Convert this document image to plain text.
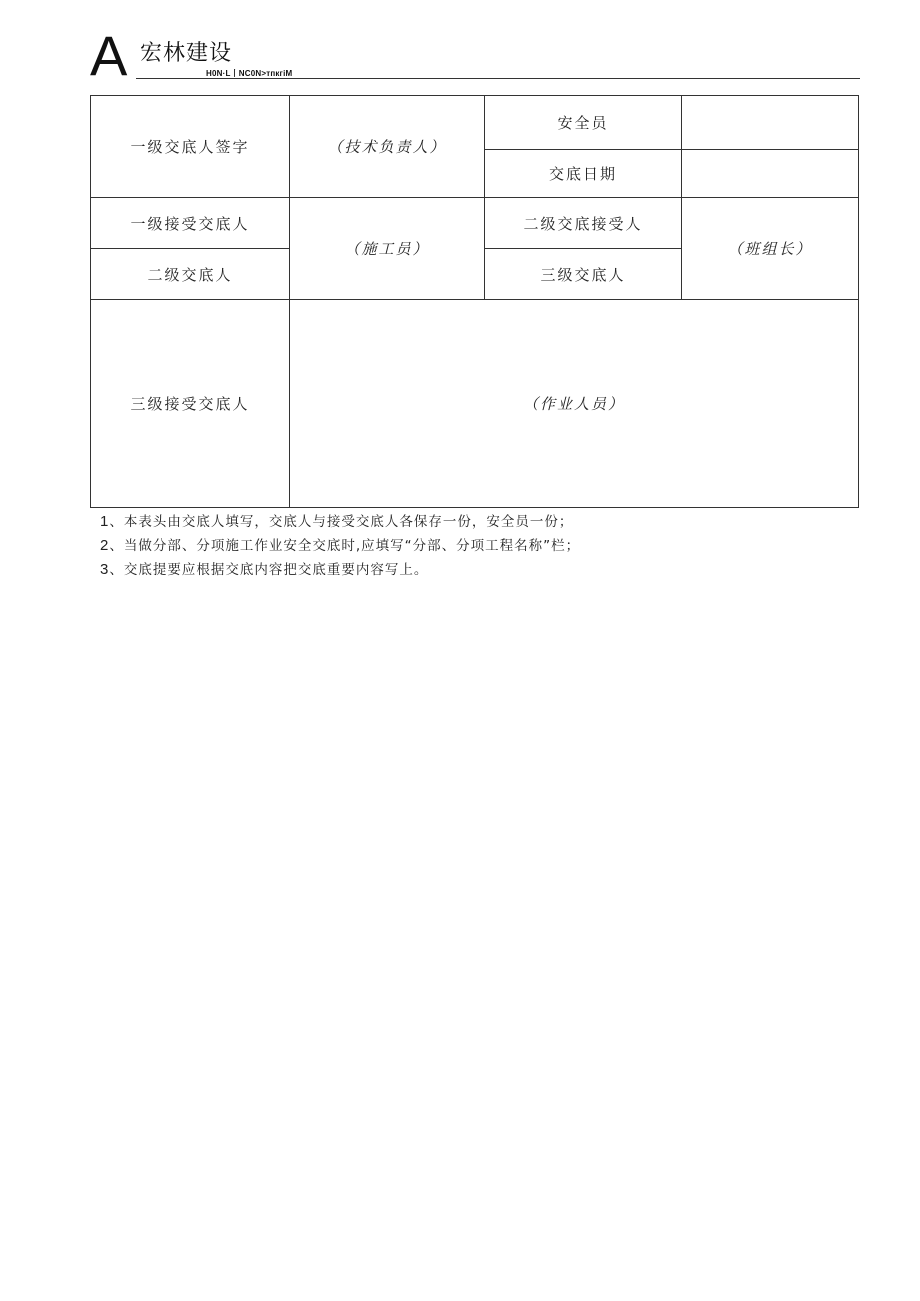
A 宏林建设
H0N·L丨NC0N>тпкгiM
一级交底人签字	（技术负责人）	安全员	
		交底日期	
一级接受交底人	（施工员）	二级交底接受人	（班组长）
二级交底人		三级交底人	
三级接受交底人	（作业人员）		
1、本表头由交底人填写，交底人与接受交底人各保存一份，安全员一份；
2、当做分部、分项施工作业安全交底时,应填写“分部、分项工程名称”栏；
3、交底提要应根据交底内容把交底重要内容写上。
